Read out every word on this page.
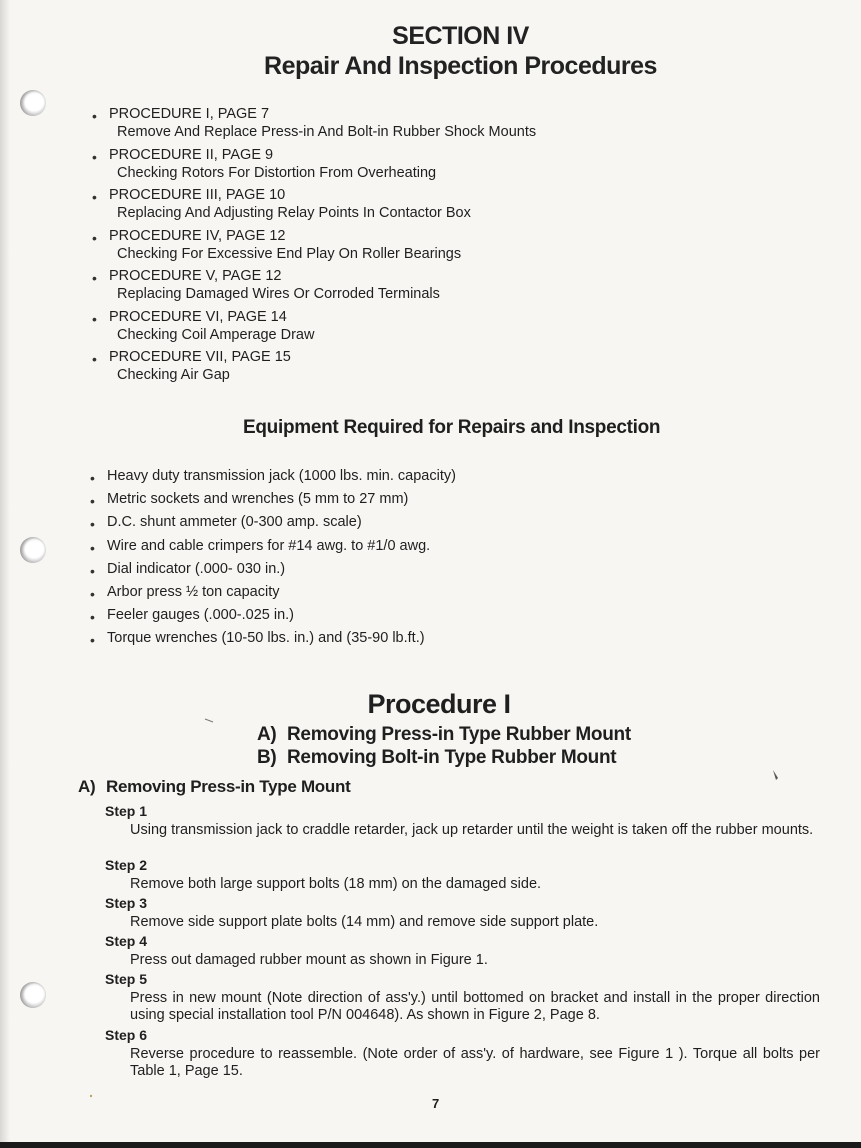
SECTION IV
Repair And Inspection Procedures
• PROCEDURE I, PAGE 7
Remove And Replace Press-in And Bolt-in Rubber Shock Mounts
• PROCEDURE II, PAGE 9
Checking Rotors For Distortion From Overheating
• PROCEDURE III, PAGE 10
Replacing And Adjusting Relay Points In Contactor Box
• PROCEDURE IV, PAGE 12
Checking For Excessive End Play On Roller Bearings
• PROCEDURE V, PAGE 12
Replacing Damaged Wires Or Corroded Terminals
• PROCEDURE VI, PAGE 14
Checking Coil Amperage Draw
• PROCEDURE VII, PAGE 15
Checking Air Gap
Equipment Required for Repairs and Inspection
• Heavy duty transmission jack (1000 lbs. min. capacity)
• Metric sockets and wrenches (5 mm to 27 mm)
• D.C. shunt ammeter (0-300 amp. scale)
• Wire and cable crimpers for #14 awg. to #1/0 awg.
• Dial indicator (.000- 030 in.)
• Arbor press ½ ton capacity
• Feeler gauges (.000-.025 in.)
• Torque wrenches (10-50 lbs. in.) and (35-90 lb.ft.)
Procedure I
A) Removing Press-in Type Rubber Mount
B) Removing Bolt-in Type Rubber Mount
A) Removing Press-in Type Mount
Step 1
Using transmission jack to craddle retarder, jack up retarder until the weight is taken off the rubber mounts.
Step 2
Remove both large support bolts (18 mm) on the damaged side.
Step 3
Remove side support plate bolts (14 mm) and remove side support plate.
Step 4
Press out damaged rubber mount as shown in Figure 1.
Step 5
Press in new mount (Note direction of ass'y.) until bottomed on bracket and install in the proper direction using special installation tool P/N 004648). As shown in Figure 2, Page 8.
Step 6
Reverse procedure to reassemble. (Note order of ass'y. of hardware, see Figure 1 ). Torque all bolts per Table 1, Page 15.
7
